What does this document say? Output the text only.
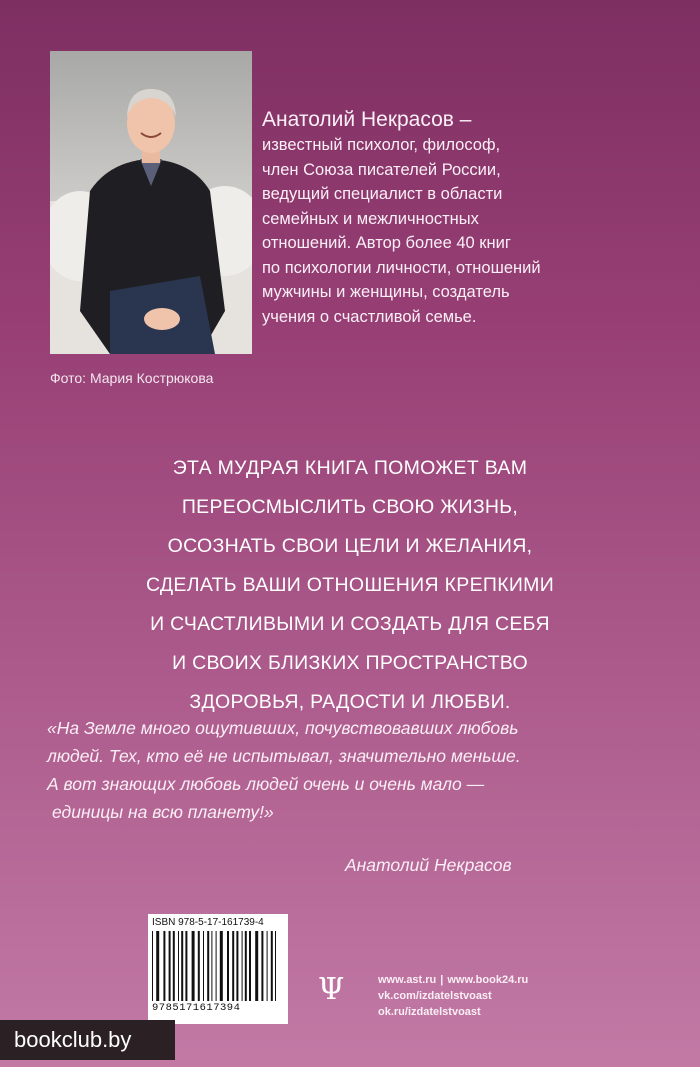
Фото: Мария Кострюкова
Анатолий Некрасов –
известный психолог, философ,
член Союза писателей России,
ведущий специалист в области
семейных и межличностных
отношений. Автор более 40 книг
по психологии личности, отношений
мужчины и женщины, создатель
учения о счастливой семье.
ЭТА МУДРАЯ КНИГА ПОМОЖЕТ ВАМ
ПЕРЕОСМЫСЛИТЬ СВОЮ ЖИЗНЬ,
ОСОЗНАТЬ СВОИ ЦЕЛИ И ЖЕЛАНИЯ,
СДЕЛАТЬ ВАШИ ОТНОШЕНИЯ КРЕПКИМИ
И СЧАСТЛИВЫМИ И СОЗДАТЬ ДЛЯ СЕБЯ
И СВОИХ БЛИЗКИХ ПРОСТРАНСТВО
ЗДОРОВЬЯ, РАДОСТИ И ЛЮБВИ.
«На Земле много ощутивших, почувствовавших любовь
людей. Тех, кто её не испытывал, значительно меньше.
А вот знающих любовь людей очень и очень мало —
единицы на всю планету!»
Анатолий Некрасов
ISBN 978-5-17-161739-4
9785171617394
Ψ	www.ast.ru | www.book24.ru
vk.com/izdatelstvoast
ok.ru/izdatelstvoast
bookclub.by
